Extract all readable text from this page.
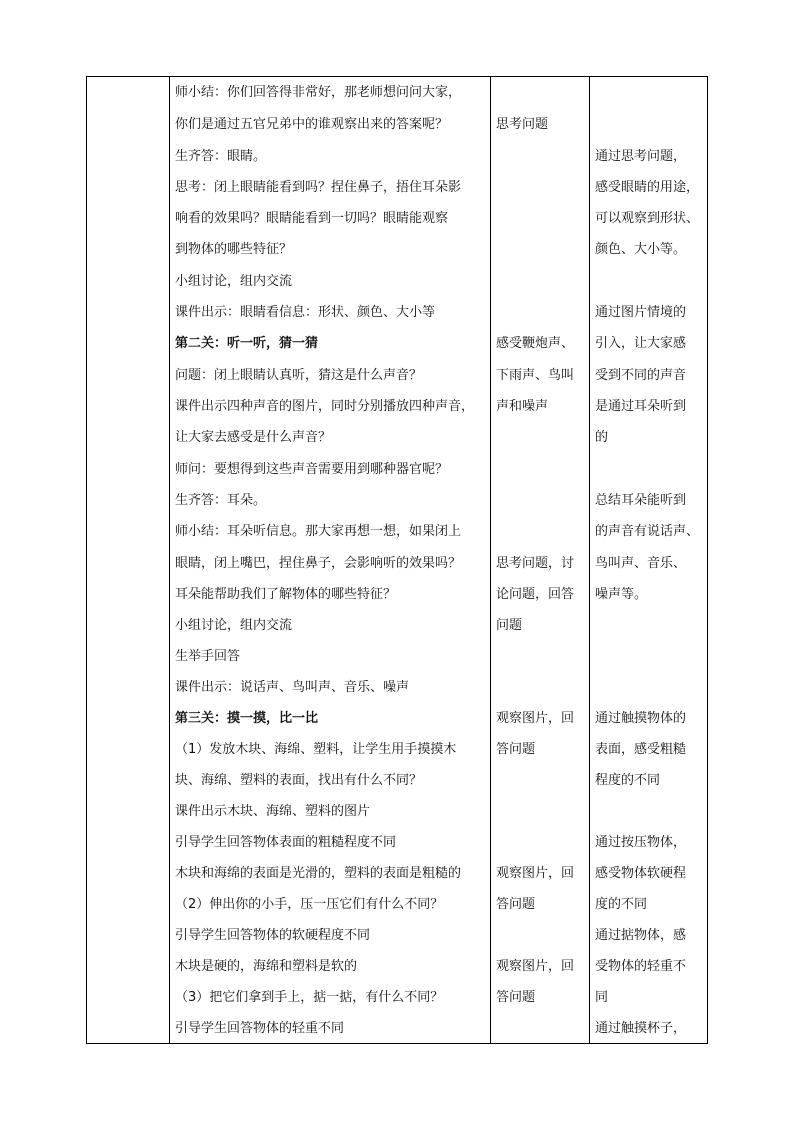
师小结：你们回答得非常好，那老师想问问大家，
你们是通过五官兄弟中的谁观察出来的答案呢？
生齐答：眼睛。
思考：闭上眼睛能看到吗？捏住鼻子，捂住耳朵影
响看的效果吗？眼睛能看到一切吗？眼睛能观察
到物体的哪些特征？
小组讨论，组内交流
课件出示：眼睛看信息：形状、颜色、大小等
第二关：听一听，猜一猜
问题：闭上眼睛认真听，猜这是什么声音？
课件出示四种声音的图片，同时分别播放四种声音，
让大家去感受是什么声音？
师问：要想得到这些声音需要用到哪种器官呢？
生齐答：耳朵。
师小结：耳朵听信息。那大家再想一想，如果闭上
眼睛，闭上嘴巴，捏住鼻子，会影响听的效果吗？
耳朵能帮助我们了解物体的哪些特征？
小组讨论，组内交流
生举手回答
课件出示：说话声、鸟叫声、音乐、噪声
第三关：摸一摸，比一比
（1）发放木块、海绵、塑料，让学生用手摸摸木
块、海绵、塑料的表面，找出有什么不同？
课件出示木块、海绵、塑料的图片
引导学生回答物体表面的粗糙程度不同
木块和海绵的表面是光滑的，塑料的表面是粗糙的
（2）伸出你的小手，压一压它们有什么不同？
引导学生回答物体的软硬程度不同
木块是硬的，海绵和塑料是软的
（3）把它们拿到手上，掂一掂，有什么不同？
引导学生回答物体的轻重不同
思考问题
感受鞭炮声、
下雨声、鸟叫
声和噪声
思考问题，讨
论问题，回答
问题
观察图片，回
答问题
观察图片，回
答问题
观察图片，回
答问题
通过思考问题，
感受眼睛的用途，
可以观察到形状、
颜色、大小等。
通过图片情境的
引入，让大家感
受到不同的声音
是通过耳朵听到
的
总结耳朵能听到
的声音有说话声、
鸟叫声、音乐、
噪声等。
通过触摸物体的
表面，感受粗糙
程度的不同
通过按压物体，
感受物体软硬程
度的不同
通过掂物体，感
受物体的轻重不
同
通过触摸杯子，
